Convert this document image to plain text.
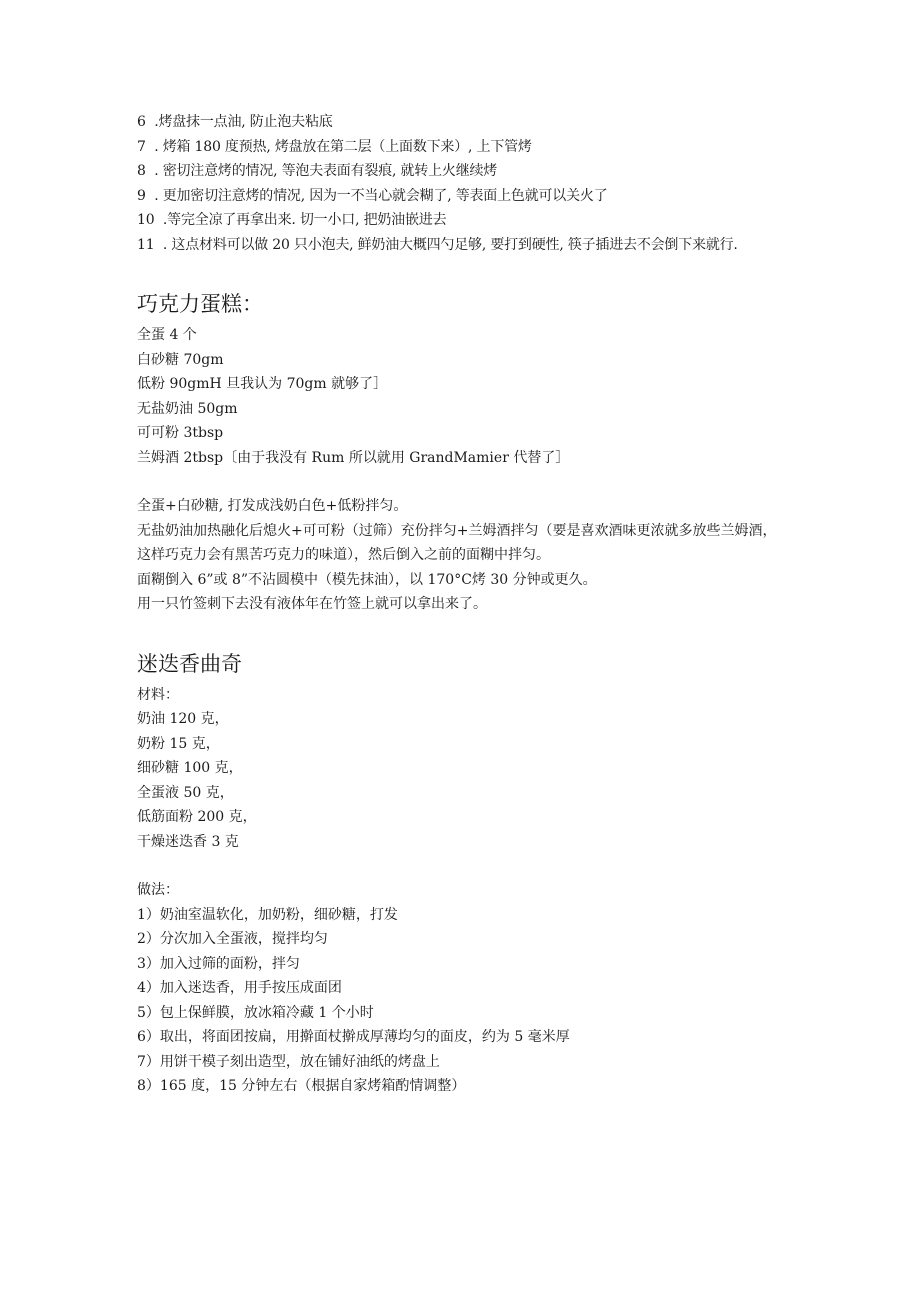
6  .烤盘抹一点油, 防止泡夫粘底
7  . 烤箱 180 度预热, 烤盘放在第二层（上面数下来）, 上下管烤
8  . 密切注意烤的情况, 等泡夫表面有裂痕, 就转上火继续烤
9  . 更加密切注意烤的情况, 因为一不当心就会糊了, 等表面上色就可以关火了
10  .等完全凉了再拿出来. 切一小口, 把奶油嵌进去
11  . 这点材料可以做 20 只小泡夫, 鲜奶油大概四勺足够, 要打到硬性, 筷子插进去不会倒下来就行.
巧克力蛋糕：
全蛋 4 个
白砂糖 70gm
低粉 90gmH 旦我认为 70gm 就够了］
无盐奶油 50gm
可可粉 3tbsp
兰姆酒 2tbsp〔由于我没有 Rum 所以就用 GrandMamier 代替了］
全蛋+白砂糖, 打发成浅奶白色+低粉拌匀。
无盐奶油加热融化后熄火+可可粉（过筛）充份拌匀+兰姆酒拌匀（要是喜欢酒味更浓就多放些兰姆酒，这样巧克力会有黑苦巧克力的味道），然后倒入之前的面糊中拌匀。
面糊倒入 6”或 8”不沾圆模中（模先抹油），以 170°C烤 30 分钟或更久。
用一只竹签刺下去没有液体年在竹签上就可以拿出来了。
迷迭香曲奇
材料：
奶油 120 克，
奶粉 15 克，
细砂糖 100 克，
全蛋液 50 克，
低筋面粉 200 克，
干燥迷迭香 3 克
做法：
1）奶油室温软化，加奶粉，细砂糖，打发
2）分次加入全蛋液，搅拌均匀
3）加入过筛的面粉，拌匀
4）加入迷迭香，用手按压成面团
5）包上保鲜膜，放冰箱冷藏 1 个小时
6）取出，将面团按扁，用擀面杖擀成厚薄均匀的面皮，约为 5 毫米厚
7）用饼干模子刻出造型，放在铺好油纸的烤盘上
8）165 度，15 分钟左右（根据自家烤箱酌情调整）
